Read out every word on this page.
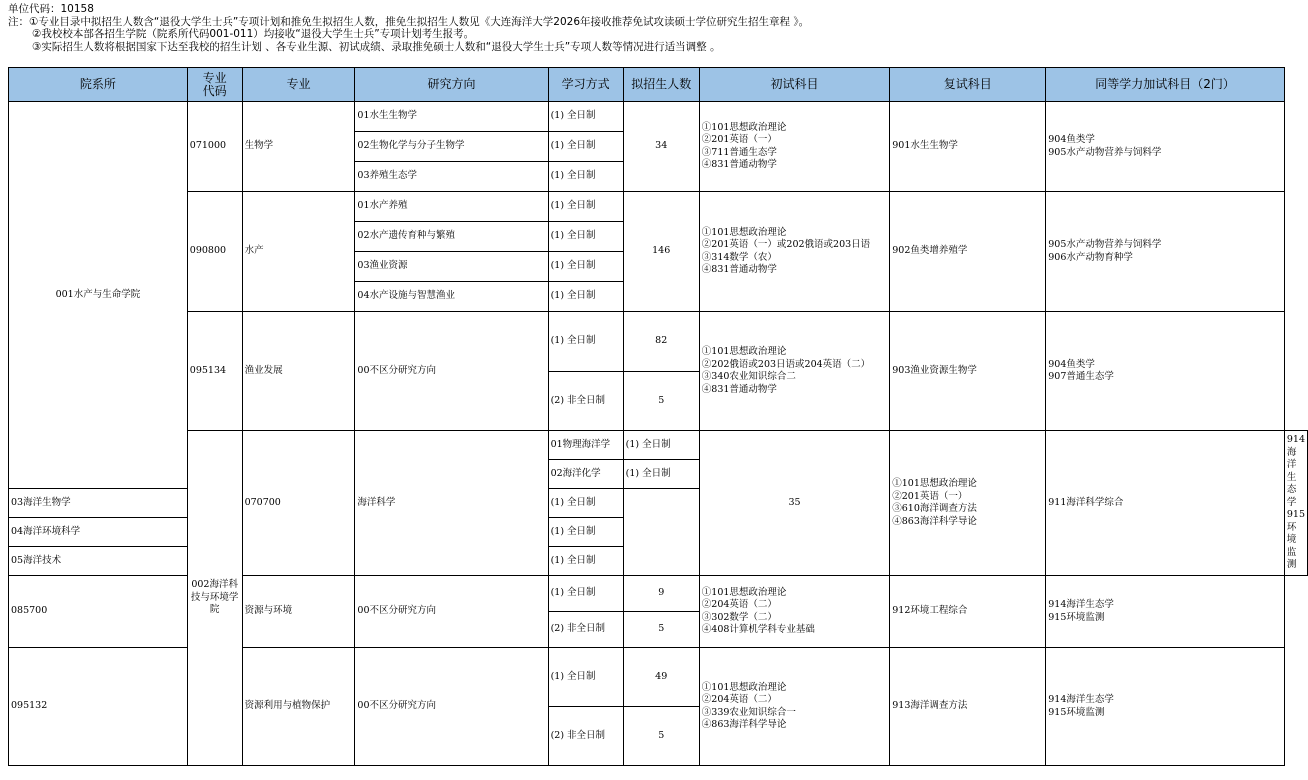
单位代码：10158
注：①专业目录中拟招生人数含“退役大学生士兵”专项计划和推免生拟招生人数，推免生拟招生人数见《大连海洋大学2026年接收推荐免试攻读硕士学位研究生招生章程 》。
②我校校本部各招生学院（院系所代码001-011）均接收“退役大学生士兵”专项计划考生报考。
③实际招生人数将根据国家下达至我校的招生计划 、各专业生源、初试成绩、录取推免硕士人数和“退役大学生士兵”专项人数等情况进行适当调整 。
院系所	专业代码	专业	研究方向	学习方式	拟招生人数	初试科目	复试科目	同等学力加试科目（2门）	
001水产与生命学院	071000	生物学	01水生生物学	(1) 全日制	34	①101思想政治理论
②201英语（一）
③711普通生态学
④831普通动物学	901水生生物学	904鱼类学
905水产动物营养与饲料学	

			02生物化学与分子生物学	(1) 全日制					
			03养殖生态学	(1) 全日制					
	090800	水产	01水产养殖	(1) 全日制	146	①101思想政治理论
②201英语（一）或202俄语或203日语
③314数学（农）
④831普通动物学	902鱼类增养殖学	905水产动物营养与饲料学
906水产动物育种学	

			02水产遗传育种与繁殖	(1) 全日制					
			03渔业资源	(1) 全日制					
			04水产设施与智慧渔业	(1) 全日制					
	095134	渔业发展	00不区分研究方向	(1) 全日制	82	①101思想政治理论
②202俄语或203日语或204英语（二）
③340农业知识综合二
④831普通动物学	903渔业资源生物学	904鱼类学
907普通生态学	

				(2) 非全日制	5				
	002海洋科技与环境学院	070700	海洋科学	01物理海洋学	(1) 全日制	35	①101思想政治理论
②201英语（一）
③610海洋调查方法
④863海洋科学导论	911海洋科学综合	914海洋生态学
915环境监测

				02海洋化学	(1) 全日制				
03海洋生物学				(1) 全日制					
04海洋环境科学				(1) 全日制					
05海洋技术				(1) 全日制					
085700		资源与环境	00不区分研究方向	(1) 全日制	9	①101思想政治理论
②204英语（二）
③302数学（二）
④408计算机学科专业基础	912环境工程综合	914海洋生态学
915环境监测	

				(2) 非全日制	5				
095132		资源利用与植物保护	00不区分研究方向	(1) 全日制	49	①101思想政治理论
②204英语（二）
③339农业知识综合一
④863海洋科学导论	913海洋调查方法	914海洋生态学
915环境监测	

				(2) 非全日制	5				
